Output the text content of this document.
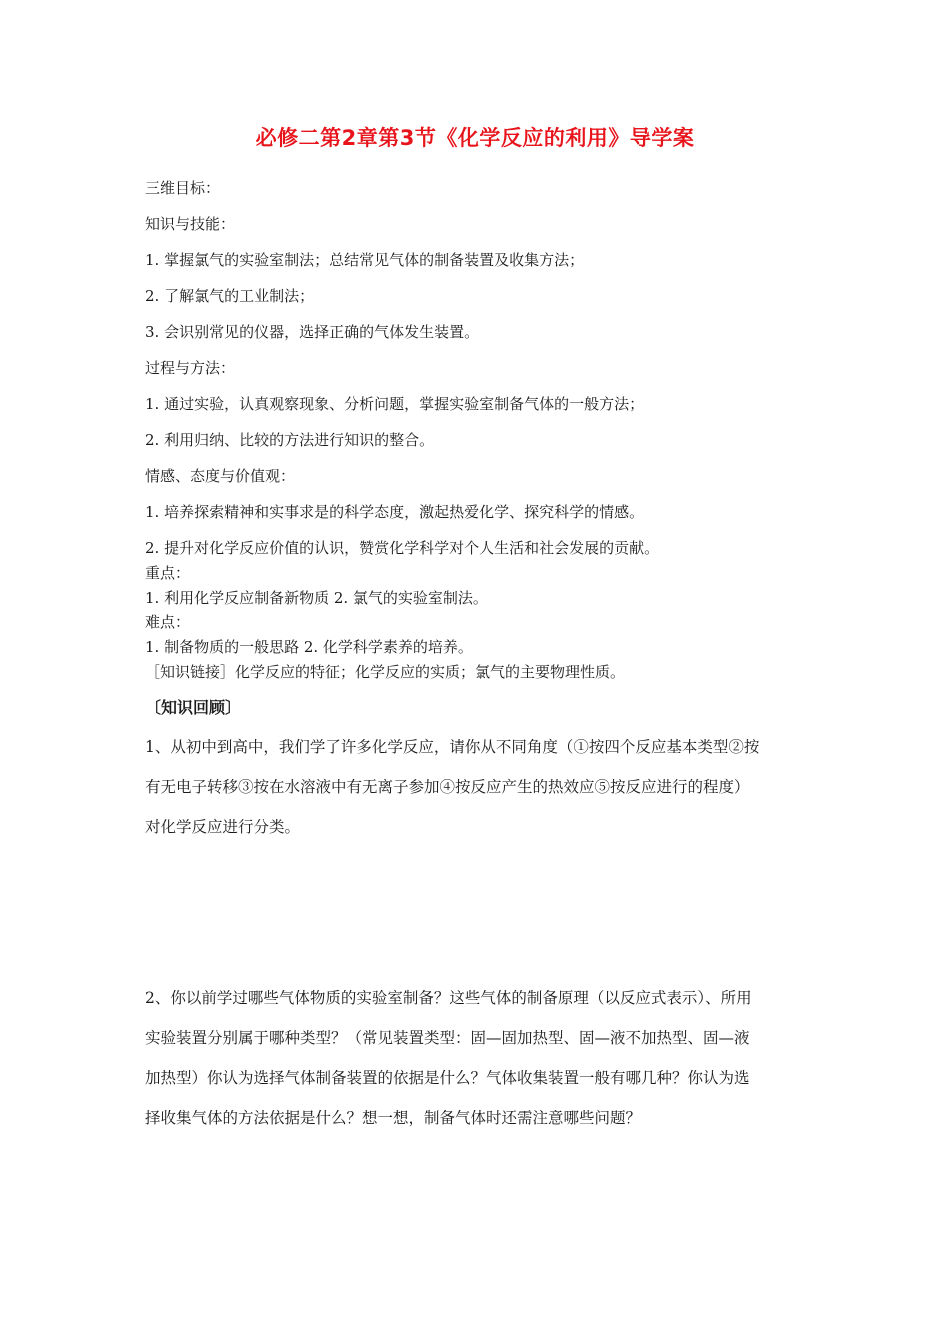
必修二第2章第3节《化学反应的利用》导学案
三维目标：
知识与技能：
1. 掌握氯气的实验室制法；总结常见气体的制备装置及收集方法；
2. 了解氯气的工业制法；
3. 会识别常见的仪器，选择正确的气体发生装置。
过程与方法：
1. 通过实验，认真观察现象、分析问题，掌握实验室制备气体的一般方法；
2. 利用归纳、比较的方法进行知识的整合。
情感、态度与价值观：
1. 培养探索精神和实事求是的科学态度，激起热爱化学、探究科学的情感。
2. 提升对化学反应价值的认识，赞赏化学科学对个人生活和社会发展的贡献。
重点：
1. 利用化学反应制备新物质 2. 氯气的实验室制法。
难点：
1. 制备物质的一般思路 2. 化学科学素养的培养。
［知识链接］化学反应的特征；化学反应的实质；氯气的主要物理性质。
〔知识回顾〕
1、从初中到高中，我们学了许多化学反应，请你从不同角度（①按四个反应基本类型②按
有无电子转移③按在水溶液中有无离子参加④按反应产生的热效应⑤按反应进行的程度）
对化学反应进行分类。
2、你以前学过哪些气体物质的实验室制备？这些气体的制备原理（以反应式表示）、所用
实验装置分别属于哪种类型？（常见装置类型：固—固加热型、固—液不加热型、固—液
加热型）你认为选择气体制备装置的依据是什么？气体收集装置一般有哪几种？你认为选
择收集气体的方法依据是什么？想一想，制备气体时还需注意哪些问题？
